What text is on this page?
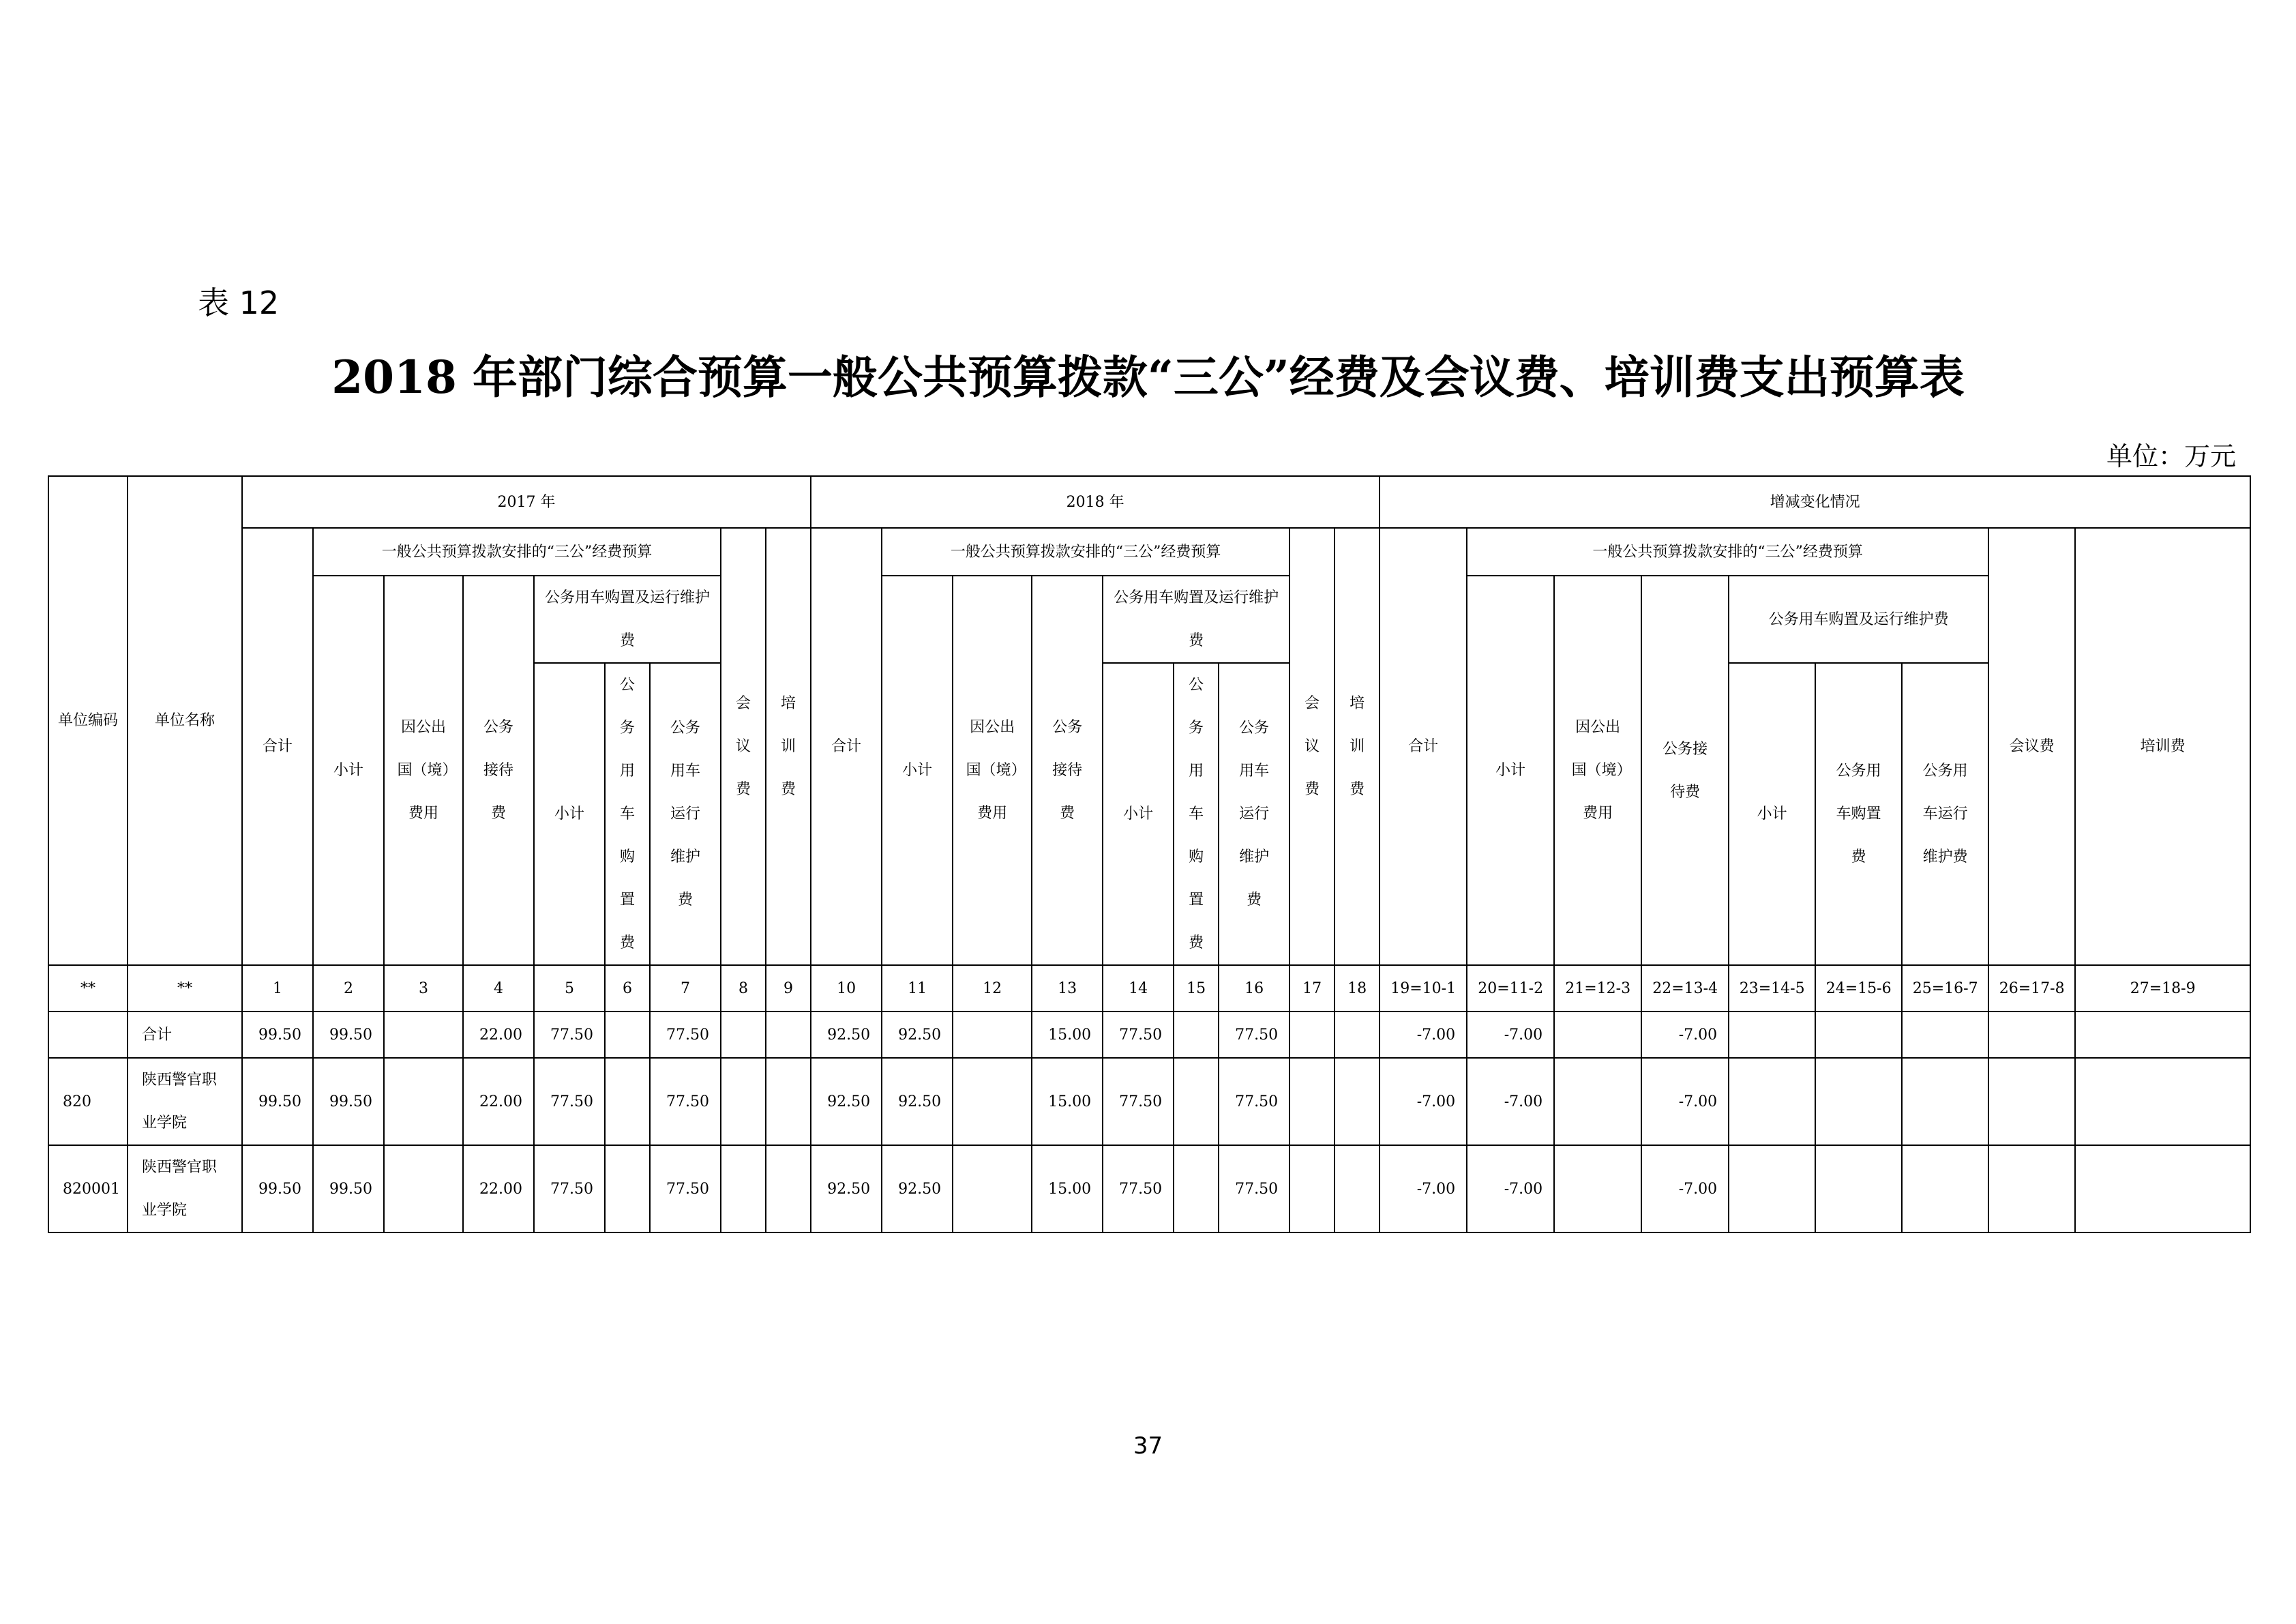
表 12
2018 年部门综合预算一般公共预算拨款“三公”经费及会议费、培训费支出预算表
单位：万元
单位编码	单位名称	2017 年									2018 年									增减变化情况								
		合计	一般公共预算拨款安排的“三公”经费预算						会议费	培训费	合计	一般公共预算拨款安排的“三公”经费预算						会议费	培训费	合计	一般公共预算拨款安排的“三公”经费预算						会议费	培训费
			小计	因公出国（境）费用	公务接待费	公务用车购置及运行维护费						小计	因公出国（境）费用	公务接待费	公务用车购置及运行维护费						小计	因公出国（境）费用	公务接待费	公务用车购置及运行维护费				
						小计	公务用车购置费	公务用车运行维护费							小计	公务用车购置费	公务用车运行维护费							小计	公务用车购置费	公务用车运行维护费		

**	**	1	2	3	4	5	6	7	8	9	10	11	12	13	14	15	16	17	18	19=10-1	20=11-2	21=12-3	22=13-4	23=14-5	24=15-6	25=16-7	26=17-8	27=18-9
	合计	99.50	99.50		22.00	77.50		77.50			92.50	92.50		15.00	77.50		77.50			-7.00	-7.00		-7.00					
820	陕西警官职业学院	99.50	99.50		22.00	77.50		77.50			92.50	92.50		15.00	77.50		77.50			-7.00	-7.00		-7.00					
820001	陕西警官职业学院	99.50	99.50		22.00	77.50		77.50			92.50	92.50		15.00	77.50		77.50			-7.00	-7.00		-7.00					
37
